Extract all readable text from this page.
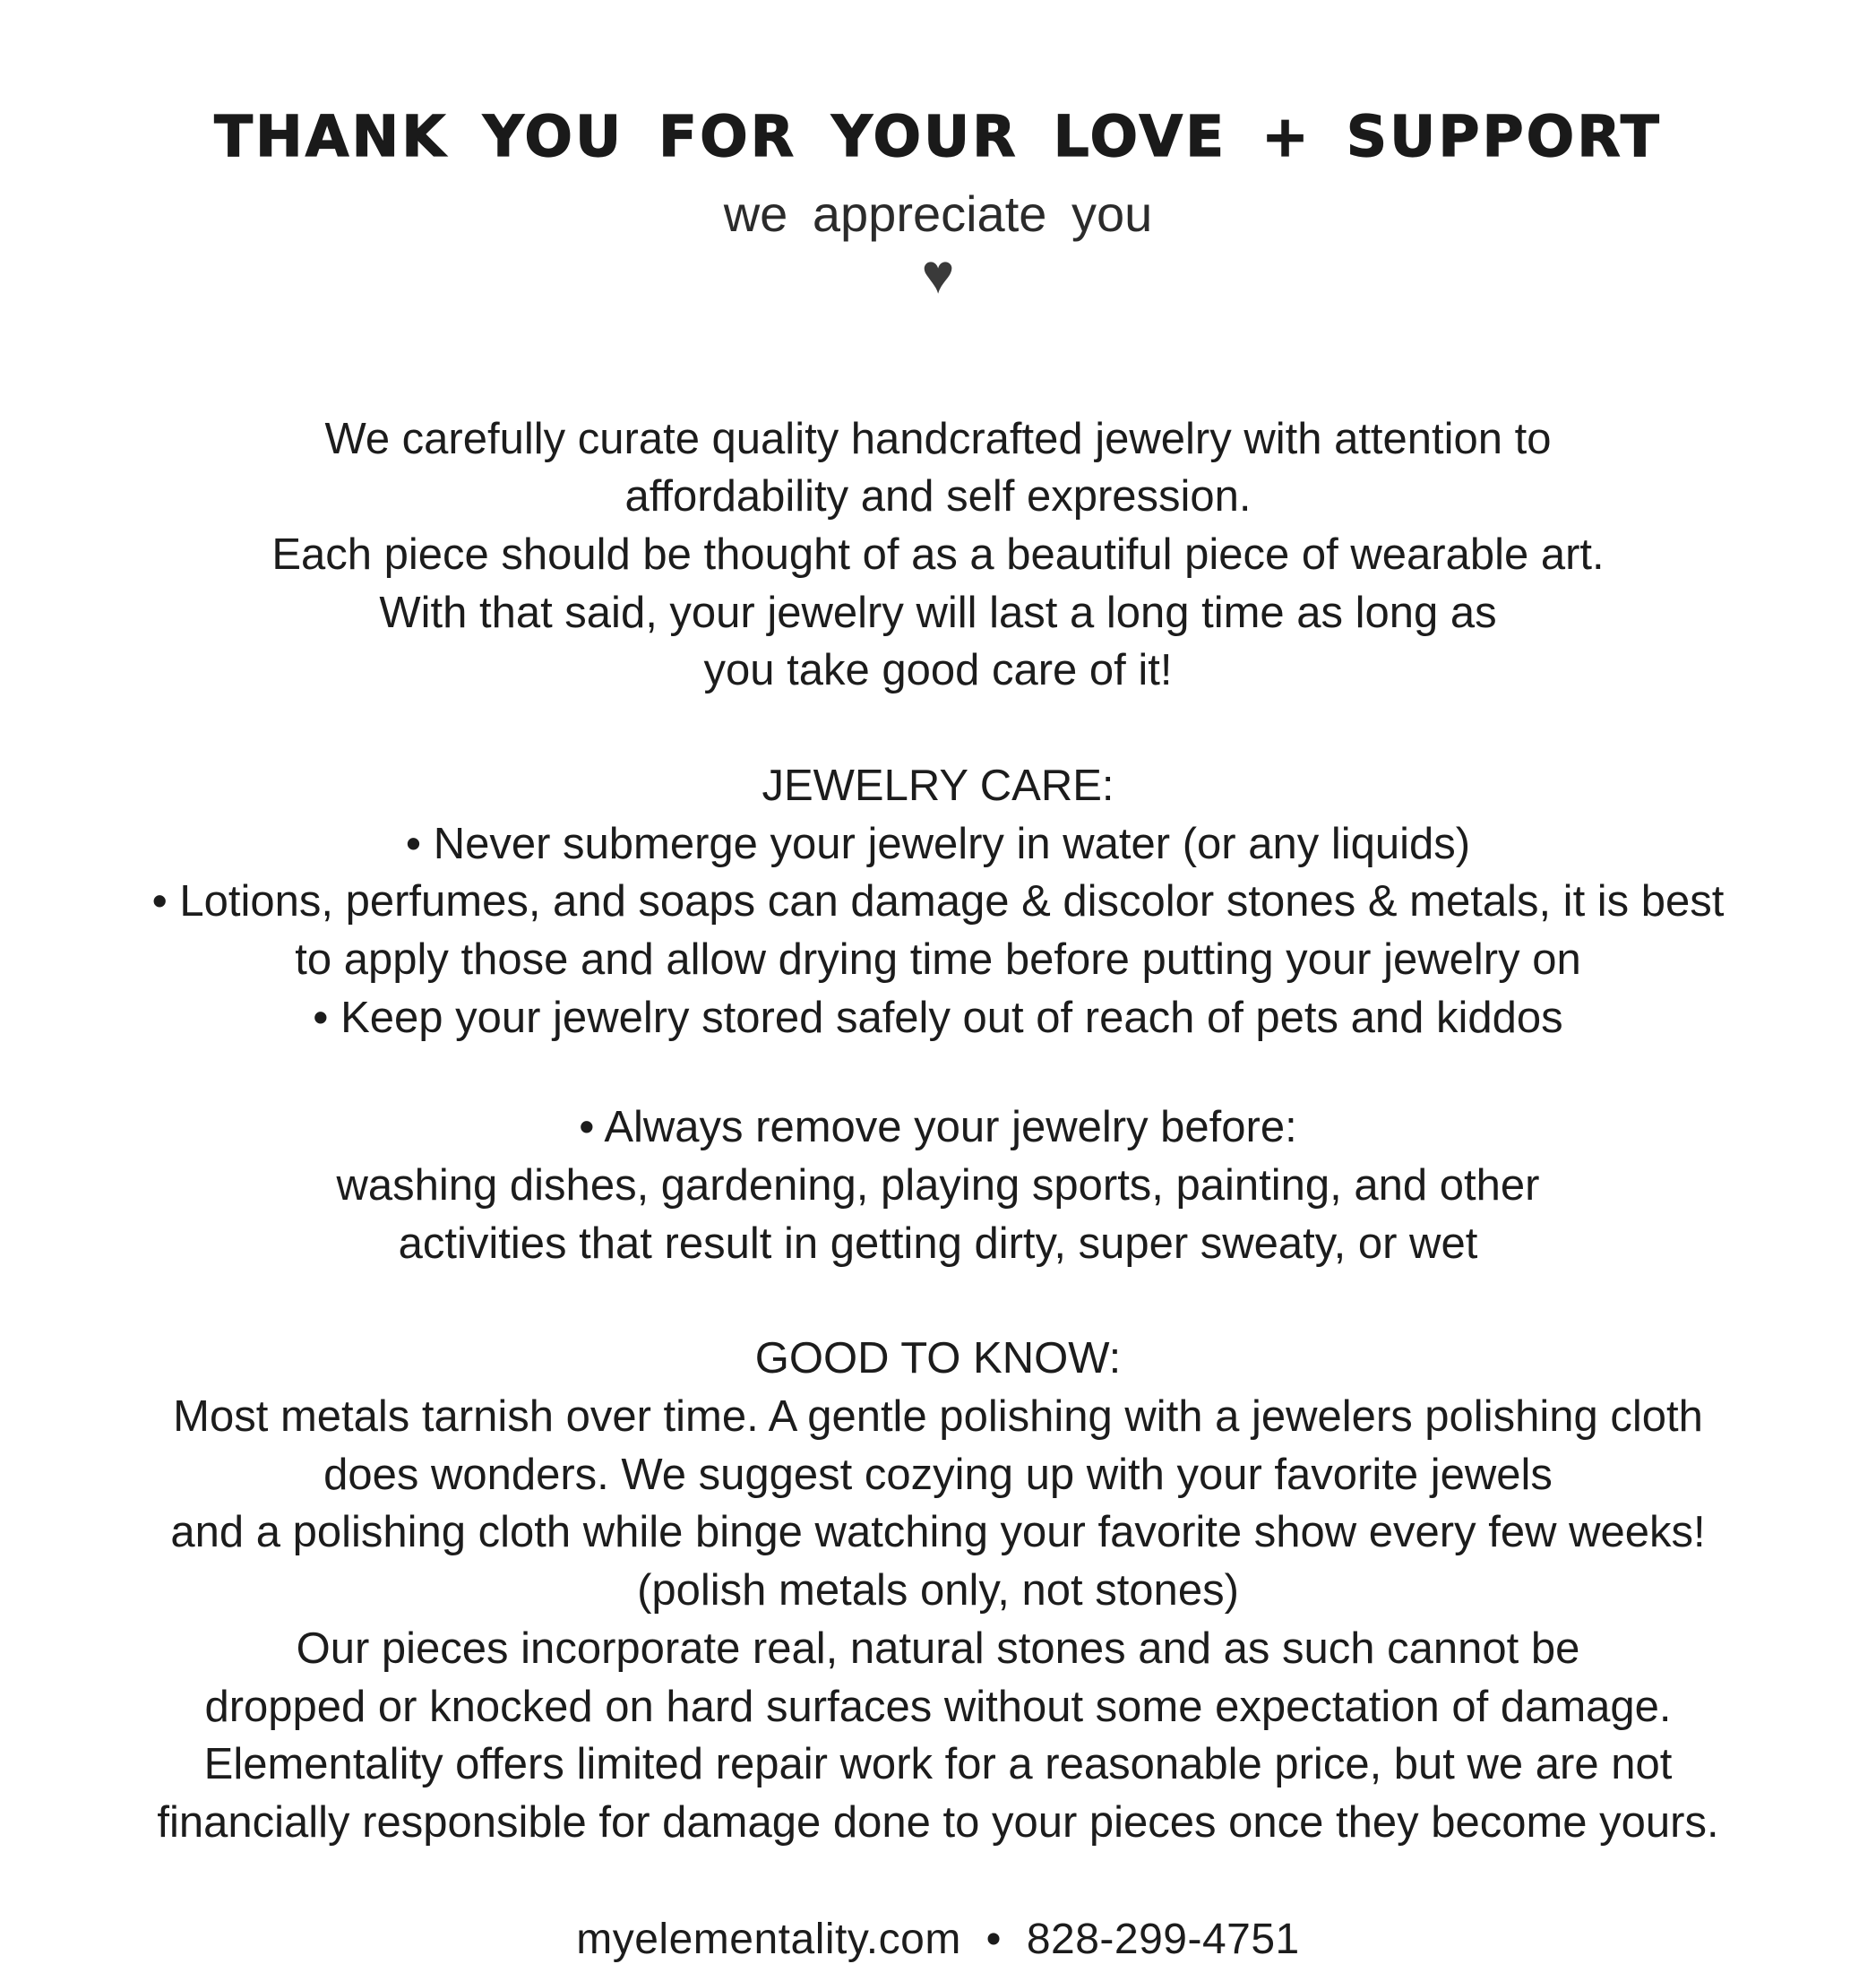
THANK YOU FOR YOUR LOVE + SUPPORT
we appreciate you
♥

We carefully curate quality handcrafted jewelry with attention to
affordability and self expression.
Each piece should be thought of as a beautiful piece of wearable art.
With that said, your jewelry will last a long time as long as
you take good care of it!

JEWELRY CARE:
• Never submerge your jewelry in water (or any liquids)
• Lotions, perfumes, and soaps can damage & discolor stones & metals, it is best
to apply those and allow drying time before putting your jewelry on
• Keep your jewelry stored safely out of reach of pets and kiddos

• Always remove your jewelry before:
washing dishes, gardening, playing sports, painting, and other
activities that result in getting dirty, super sweaty, or wet

GOOD TO KNOW:
Most metals tarnish over time. A gentle polishing with a jewelers polishing cloth
does wonders. We suggest cozying up with your favorite jewels
and a polishing cloth while binge watching your favorite show every few weeks!
(polish metals only, not stones)
Our pieces incorporate real, natural stones and as such cannot be
dropped or knocked on hard surfaces without some expectation of damage.
Elementality offers limited repair work for a reasonable price, but we are not
financially responsible for damage done to your pieces once they become yours.

myelementality.com • 828-299-4751
